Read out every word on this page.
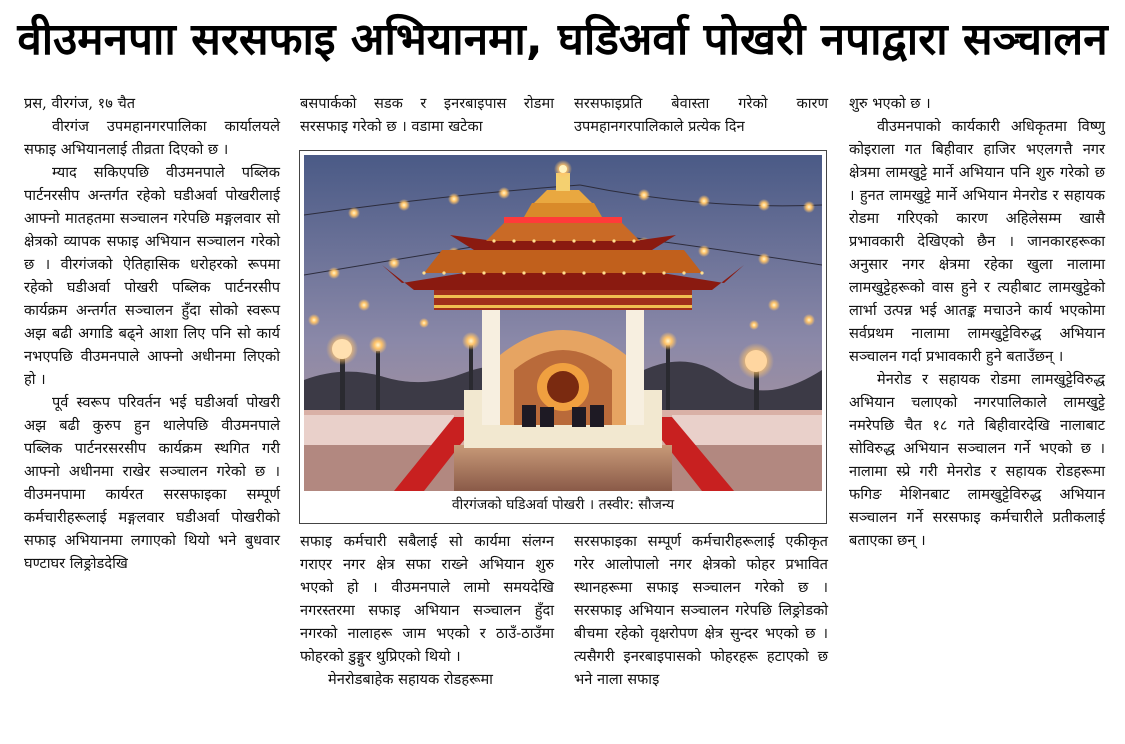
वीउमनपाा सरसफाइ अभियानमा, घडिअर्वा पोखरी नपाद्वारा सञ्चालन

प्रस, वीरगंज, १७ चैत

वीरगंज उपमहानगरपालिका कार्यालयले सफाइ अभियानलाई तीव्रता दिएको छ ।

म्याद सकिएपछि वीउमनपाले पब्लिक पार्टनरसीप अन्तर्गत रहेको घडीअर्वा पोखरीलाई आफ्नो मातहतमा सञ्चालन गरेपछि मङ्गलवार सो क्षेत्रको व्यापक सफाइ अभियान सञ्चालन गरेको छ । वीरगंजको ऐतिहासिक धरोहरको रूपमा रहेको घडीअर्वा पोखरी पब्लिक पार्टनरसीप कार्यक्रम अन्तर्गत सञ्चालन हुँदा सोको स्वरूप अझ बढी अगाडि बढ्ने आशा लिए पनि सो कार्य नभएपछि वीउमनपाले आफ्नो अधीनमा लिएको हो ।

पूर्व स्वरूप परिवर्तन भई घडीअर्वा पोखरी अझ बढी कुरुप हुन थालेपछि वीउमनपाले पब्लिक पार्टनरसरसीप कार्यक्रम स्थगित गरी आफ्नो अधीनमा राखेर सञ्चालन गरेको छ । वीउमनपामा कार्यरत सरसफाइका सम्पूर्ण कर्मचारीहरूलाई मङ्गलवार घडीअर्वा पोखरीको सफाइ अभियानमा लगाएको थियो भने बुधवार घण्टाघर लिङ्रोडदेखि

बसपार्कको सडक र इनरबाइपास रोडमा सरसफाइ गरेको छ । वडामा खटेका
सरसफाइप्रति बेवास्ता गरेको कारण उपमहानगरपालिकाले प्रत्येक दिन
वीरगंजको घडिअर्वा पोखरी । तस्वीर: सौजन्य

सफाइ कर्मचारी सबैलाई सो कार्यमा संलग्न गराएर नगर क्षेत्र सफा राख्ने अभियान शुरु भएको हो । वीउमनपाले लामो समयदेखि नगरस्तरमा सफाइ अभियान सञ्चालन हुँदा नगरको नालाहरू जाम भएको र ठाउँ-ठाउँमा फोहरको डुङ्गुर थुप्रिएको थियो ।

मेनरोडबाहेक सहायक रोडहरूमा

सरसफाइका सम्पूर्ण कर्मचारीहरूलाई एकीकृत गरेर आलोपालो नगर क्षेत्रको फोहर प्रभावित स्थानहरूमा सफाइ सञ्चालन गरेको छ । सरसफाइ अभियान सञ्चालन गरेपछि लिङ्रोडको बीचमा रहेको वृक्षरोपण क्षेत्र सुन्दर भएको छ । त्यसैगरी इनरबाइपासको फोहरहरू हटाएको छ भने नाला सफाइ

शुरु भएको छ ।

वीउमनपाको कार्यकारी अधिकृतमा विष्णु कोइराला गत बिहीवार हाजिर भएलगत्तै नगर क्षेत्रमा लामखुट्टे मार्ने अभियान पनि शुरु गरेको छ । हुनत लामखुट्टे मार्ने अभियान मेनरोड र सहायक रोडमा गरिएको कारण अहिलेसम्म खासै प्रभावकारी देखिएको छैन । जानकारहरूका अनुसार नगर क्षेत्रमा रहेका खुला नालामा लामखुट्टेहरूको वास हुने र त्यहीबाट लामखुट्टेको लार्भा उत्पन्न भई आतङ्क मचाउने कार्य भएकोमा सर्वप्रथम नालामा लामखुट्टेविरुद्ध अभियान सञ्चालन गर्दा प्रभावकारी हुने बताउँछन् ।

मेनरोड र सहायक रोडमा लामखुट्टेविरुद्ध अभियान चलाएको नगरपालिकाले लामखुट्टे नमरेपछि चैत १८ गते बिहीवारदेखि नालाबाट सोविरुद्ध अभियान सञ्चालन गर्ने भएको छ । नालामा स्प्रे गरी मेनरोड र सहायक रोडहरूमा फगिङ मेशिनबाट लामखुट्टेविरुद्ध अभियान सञ्चालन गर्ने सरसफाइ कर्मचारीले प्रतीकलाई बताएका छन् ।
